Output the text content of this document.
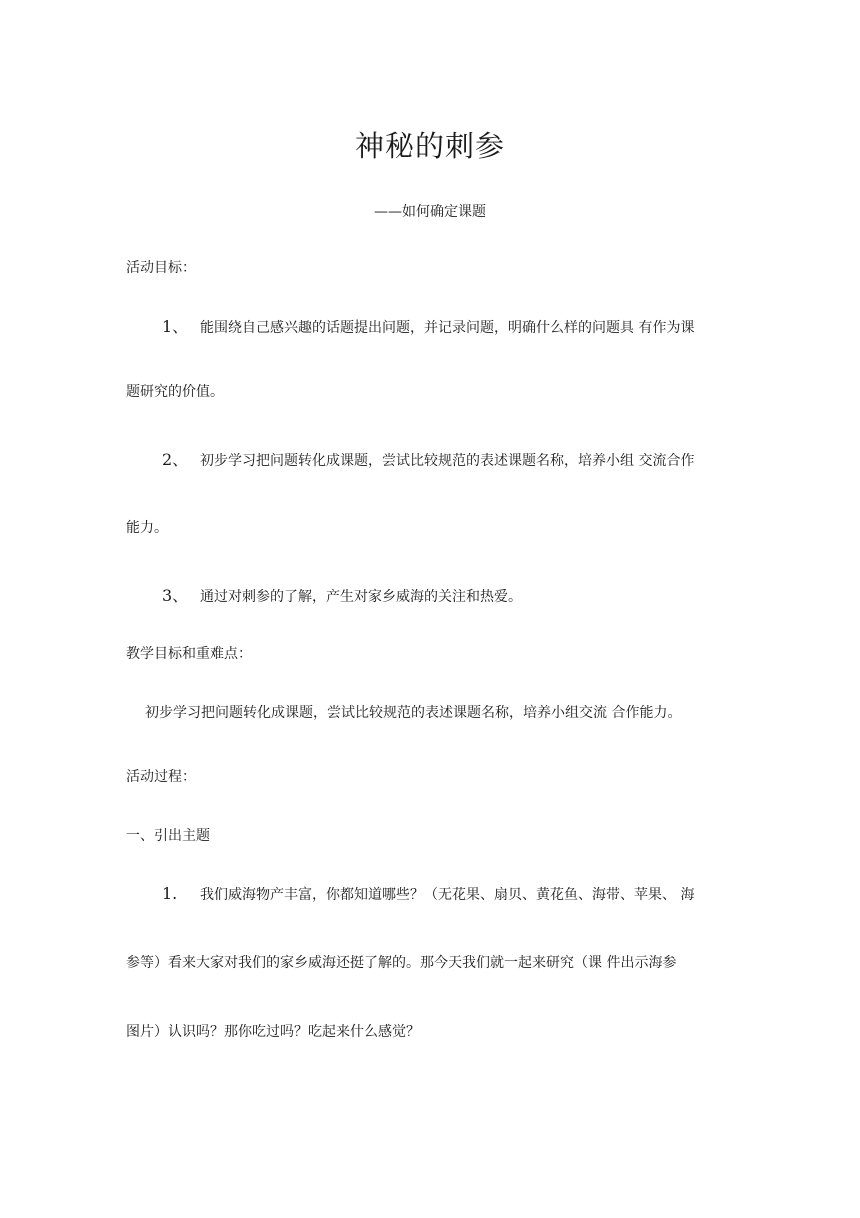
神秘的刺参
——如何确定课题
活动目标：
1、 能围绕自己感兴趣的话题提出问题，并记录问题，明确什么样的问题具 有作为课
题研究的价值。
2、 初步学习把问题转化成课题，尝试比较规范的表述课题名称，培养小组 交流合作
能力。
3、 通过对刺参的了解，产生对家乡威海的关注和热爱。
教学目标和重难点：
初步学习把问题转化成课题，尝试比较规范的表述课题名称，培养小组交流 合作能力。
活动过程：
一、引出主题
1. 我们威海物产丰富，你都知道哪些？（无花果、扇贝、黄花鱼、海带、苹果、 海
参等）看来大家对我们的家乡威海还挺了解的。那今天我们就一起来研究（课 件出示海参
图片）认识吗？那你吃过吗？吃起来什么感觉？
